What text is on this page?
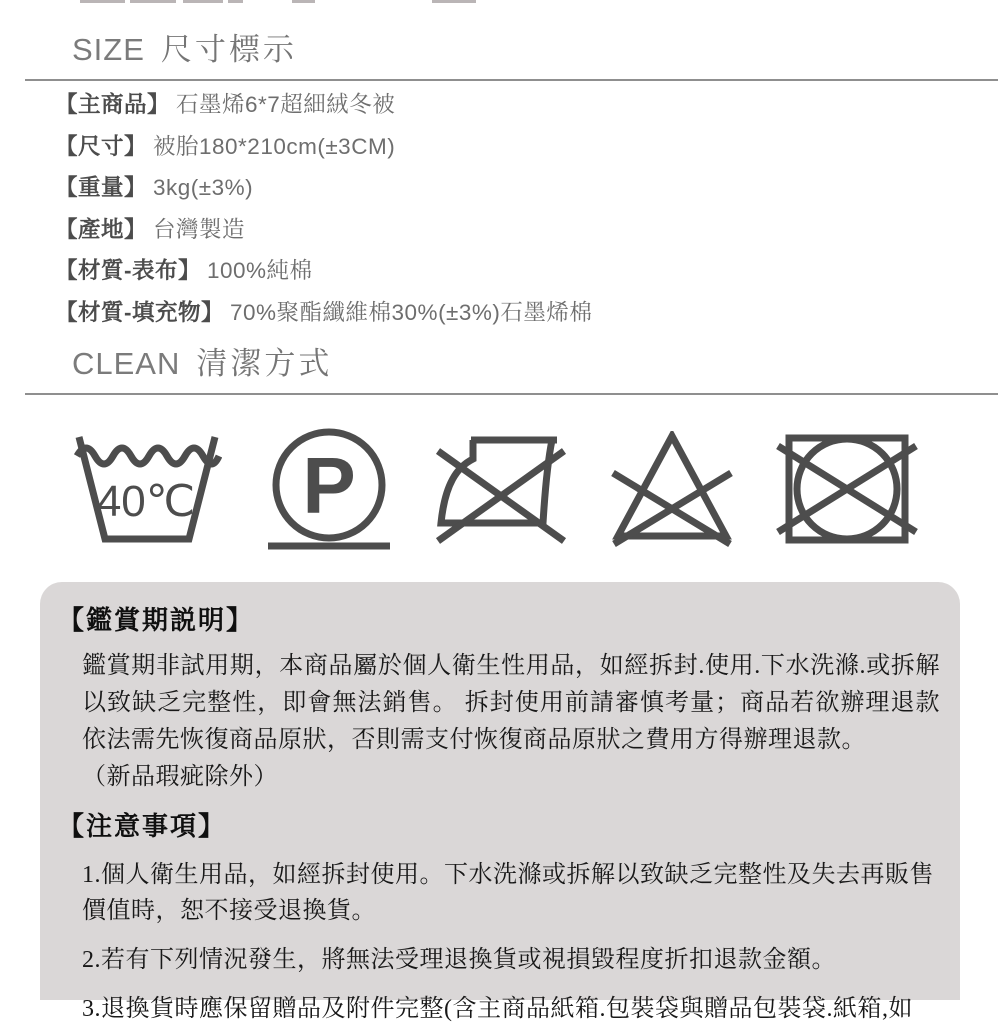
SIZE 尺寸標示
【主商品】 石墨烯6*7超細絨冬被
【尺寸】 被胎180*210cm(±3CM)
【重量】 3kg(±3%)
【產地】 台灣製造
【材質-表布】 100%純棉
【材質-填充物】 70%聚酯纖維棉30%(±3%)石墨烯棉
CLEAN 清潔方式
40℃ P
【鑑賞期説明】

鑑賞期非試用期，本商品屬於個人衛生性用品，如經拆封.使用.下水洗滌.或拆解以致缺乏完整性，即會無法銷售。 拆封使用前請審慎考量；商品若欲辦理退款依法需先恢復商品原狀，否則需支付恢復商品原狀之費用方得辦理退款。

（新品瑕疵除外）

【注意事項】

1.個人衛生用品，如經拆封使用。下水洗滌或拆解以致缺乏完整性及失去再販售價值時，恕不接受退換貨。

2.若有下列情況發生，將無法受理退換貨或視損毀程度折扣退款金額。

3.退換貨時應保留贈品及附件完整(含主商品紙箱.包裝袋與贈品包裝袋.紙箱,如
